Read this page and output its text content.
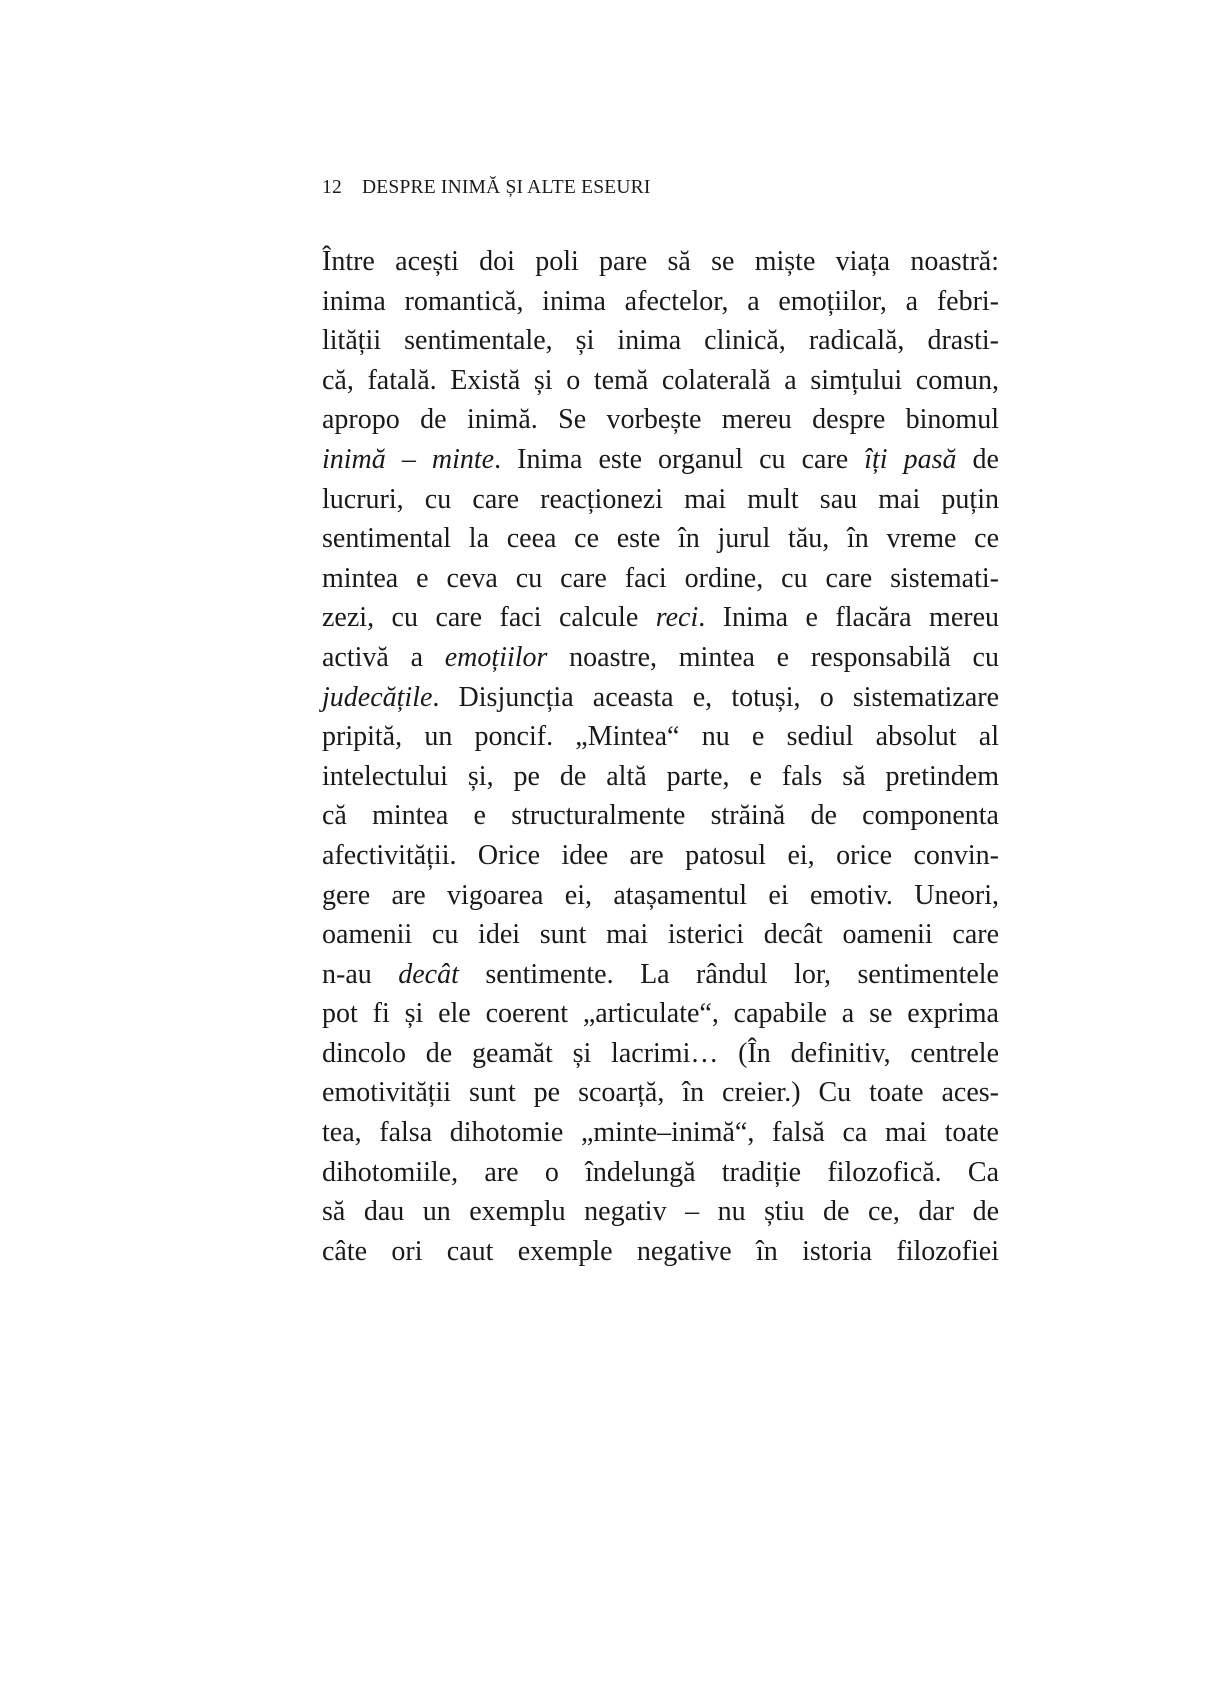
12 DESPRE INIMĂ ȘI ALTE ESEURI
Între acești doi poli pare să se miște viața noastră:
inima romantică, inima afectelor, a emoțiilor, a febri-
lității sentimentale, și inima clinică, radicală, drasti-
că, fatală. Există și o temă colaterală a simțului comun,
apropo de inimă. Se vorbește mereu despre binomul
inimă – minte. Inima este organul cu care îți pasă de
lucruri, cu care reacționezi mai mult sau mai puțin
sentimental la ceea ce este în jurul tău, în vreme ce
mintea e ceva cu care faci ordine, cu care sistemati-
zezi, cu care faci calcule reci. Inima e flacăra mereu
activă a emoțiilor noastre, mintea e responsabilă cu
judecățile. Disjuncția aceasta e, totuși, o sistematizare
pripită, un poncif. „Mintea“ nu e sediul absolut al
intelectului și, pe de altă parte, e fals să pretindem
că mintea e structuralmente străină de componenta
afectivității. Orice idee are patosul ei, orice convin-
gere are vigoarea ei, atașamentul ei emotiv. Uneori,
oamenii cu idei sunt mai isterici decât oamenii care
n-au decât sentimente. La rândul lor, sentimentele
pot fi și ele coerent „articulate“, capabile a se exprima
dincolo de geamăt și lacrimi… (În definitiv, centrele
emotivității sunt pe scoarță, în creier.) Cu toate aces-
tea, falsa dihotomie „minte–inimă“, falsă ca mai toate
dihotomiile, are o îndelungă tradiție filozofică. Ca
să dau un exemplu negativ – nu știu de ce, dar de
câte ori caut exemple negative în istoria filozofiei
